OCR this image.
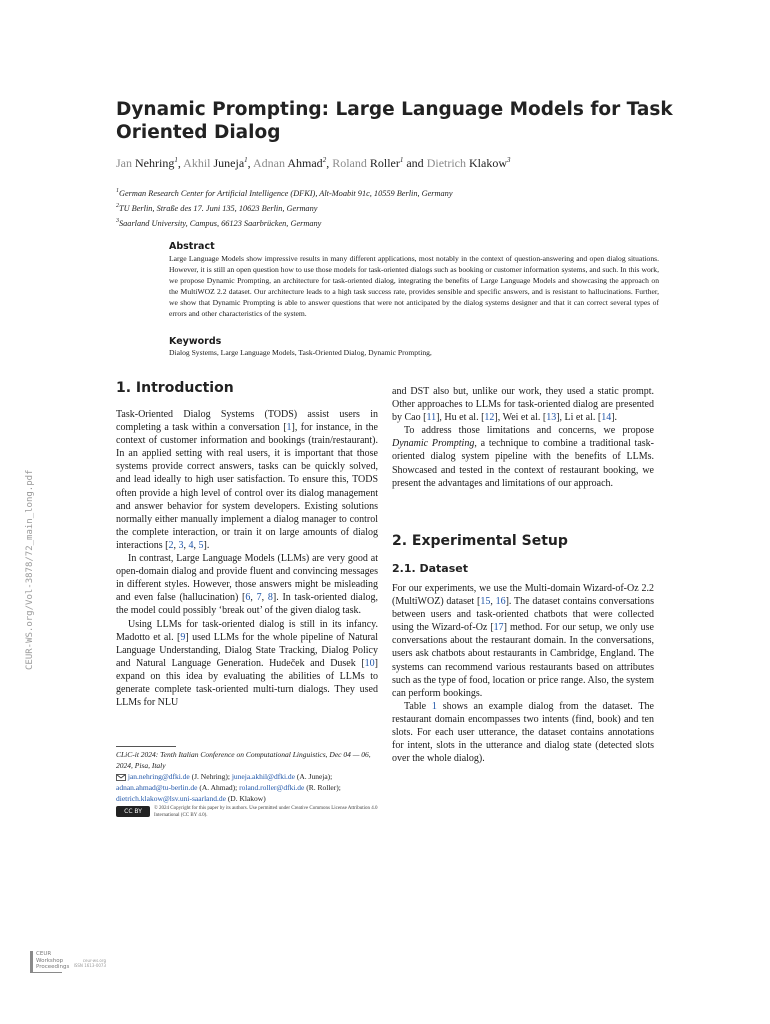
Dynamic Prompting: Large Language Models for Task Oriented Dialog
Jan Nehring$^1$, Akhil Juneja$^1$, Adnan Ahmad$^2$, Roland Roller$^1$ and Dietrich Klakow$^3$
$^1$German Research Center for Artificial Intelligence (DFKI), Alt-Moabit 91c, 10559 Berlin, Germany
$^2$TU Berlin, Straße des 17. Juni 135, 10623 Berlin, Germany
$^3$Saarland University, Campus, 66123 Saarbrücken, Germany
Abstract
Large Language Models show impressive results in many different applications, most notably in the context of question-answering and open dialog situations. However, it is still an open question how to use those models for task-oriented dialogs such as booking or customer information systems, and such. In this work, we propose Dynamic Prompting, an architecture for task-oriented dialog, integrating the benefits of Large Language Models and showcasing the approach on the MultiWOZ 2.2 dataset. Our architecture leads to a high task success rate, provides sensible and specific answers, and is resistant to hallucinations. Further, we show that Dynamic Prompting is able to answer questions that were not anticipated by the dialog systems designer and that it can correct several types of errors and other characteristics of the system.
Keywords
Dialog Systems, Large Language Models, Task-Oriented Dialog, Dynamic Prompting,
1. Introduction

Task-Oriented Dialog Systems (TODS) assist users in completing a task within a conversation [1], for instance, in the context of customer information and bookings (train/restaurant). In an applied setting with real users, it is important that those systems provide correct answers, tasks can be quickly solved, and lead ideally to high user satisfaction. To ensure this, TODS often provide a high level of control over its dialog management and answer behavior for system developers. Existing solutions normally either manually implement a dialog manager to control the complete interaction, or train it on large amounts of dialog interactions [2, 3, 4, 5].

In contrast, Large Language Models (LLMs) are very good at open-domain dialog and provide fluent and convincing messages in different styles. However, those answers might be misleading and even false (hallucination) [6, 7, 8]. In task-oriented dialog, the model could possibly ‘break out’ of the given dialog task.

Using LLMs for task-oriented dialog is still in its infancy. Madotto et al. [9] used LLMs for the whole pipeline of Natural Language Understanding, Dialog State Tracking, Dialog Policy and Natural Language Generation. Hudeček and Dusek [10] expand on this idea by evaluating the abilities of LLMs to generate complete task-oriented multi-turn dialogs. They used LLMs for NLU

and DST also but, unlike our work, they used a static prompt. Other approaches to LLMs for task-oriented dialog are presented by Cao [11], Hu et al. [12], Wei et al. [13], Li et al. [14].

To address those limitations and concerns, we propose Dynamic Prompting, a technique to combine a traditional task-oriented dialog system pipeline with the benefits of LLMs. Showcased and tested in the context of restaurant booking, we present the advantages and limitations of our approach.

2. Experimental Setup
2.1. Dataset

For our experiments, we use the Multi-domain Wizard-of-Oz 2.2 (MultiWOZ) dataset [15, 16]. The dataset contains conversations between users and task-oriented chatbots that were collected using the Wizard-of-Oz [17] method. For our setup, we only use conversations about the restaurant domain. In the conversations, users ask chatbots about restaurants in Cambridge, England. The systems can recommend various restaurants based on attributes such as the type of food, location or price range. Also, the system can perform bookings.

Table 1 shows an example dialog from the dataset. The restaurant domain encompasses two intents (find, book) and ten slots. For each user utterance, the dataset contains annotations for intent, slots in the utterance and dialog state (detected slots over the whole dialog).

CLiC-it 2024: Tenth Italian Conference on Computational Linguistics, Dec 04 — 06, 2024, Pisa, Italy
jan.nehring@dfki.de (J. Nehring); juneja.akhil@dfki.de (A. Juneja); adnan.ahmad@tu-berlin.de (A. Ahmad); roland.roller@dfki.de (R. Roller); dietrich.klakow@lsv.uni-saarland.de (D. Klakow)
CC BY	© 2024 Copyright for this paper by its authors. Use permitted under Creative Commons License Attribution 4.0 International (CC BY 4.0).
CEUR-WS.org/Vol-3878/72_main_long.pdf
CEUR
Workshop
Proceedings
ceur-ws.org
ISSN 1613-0073
